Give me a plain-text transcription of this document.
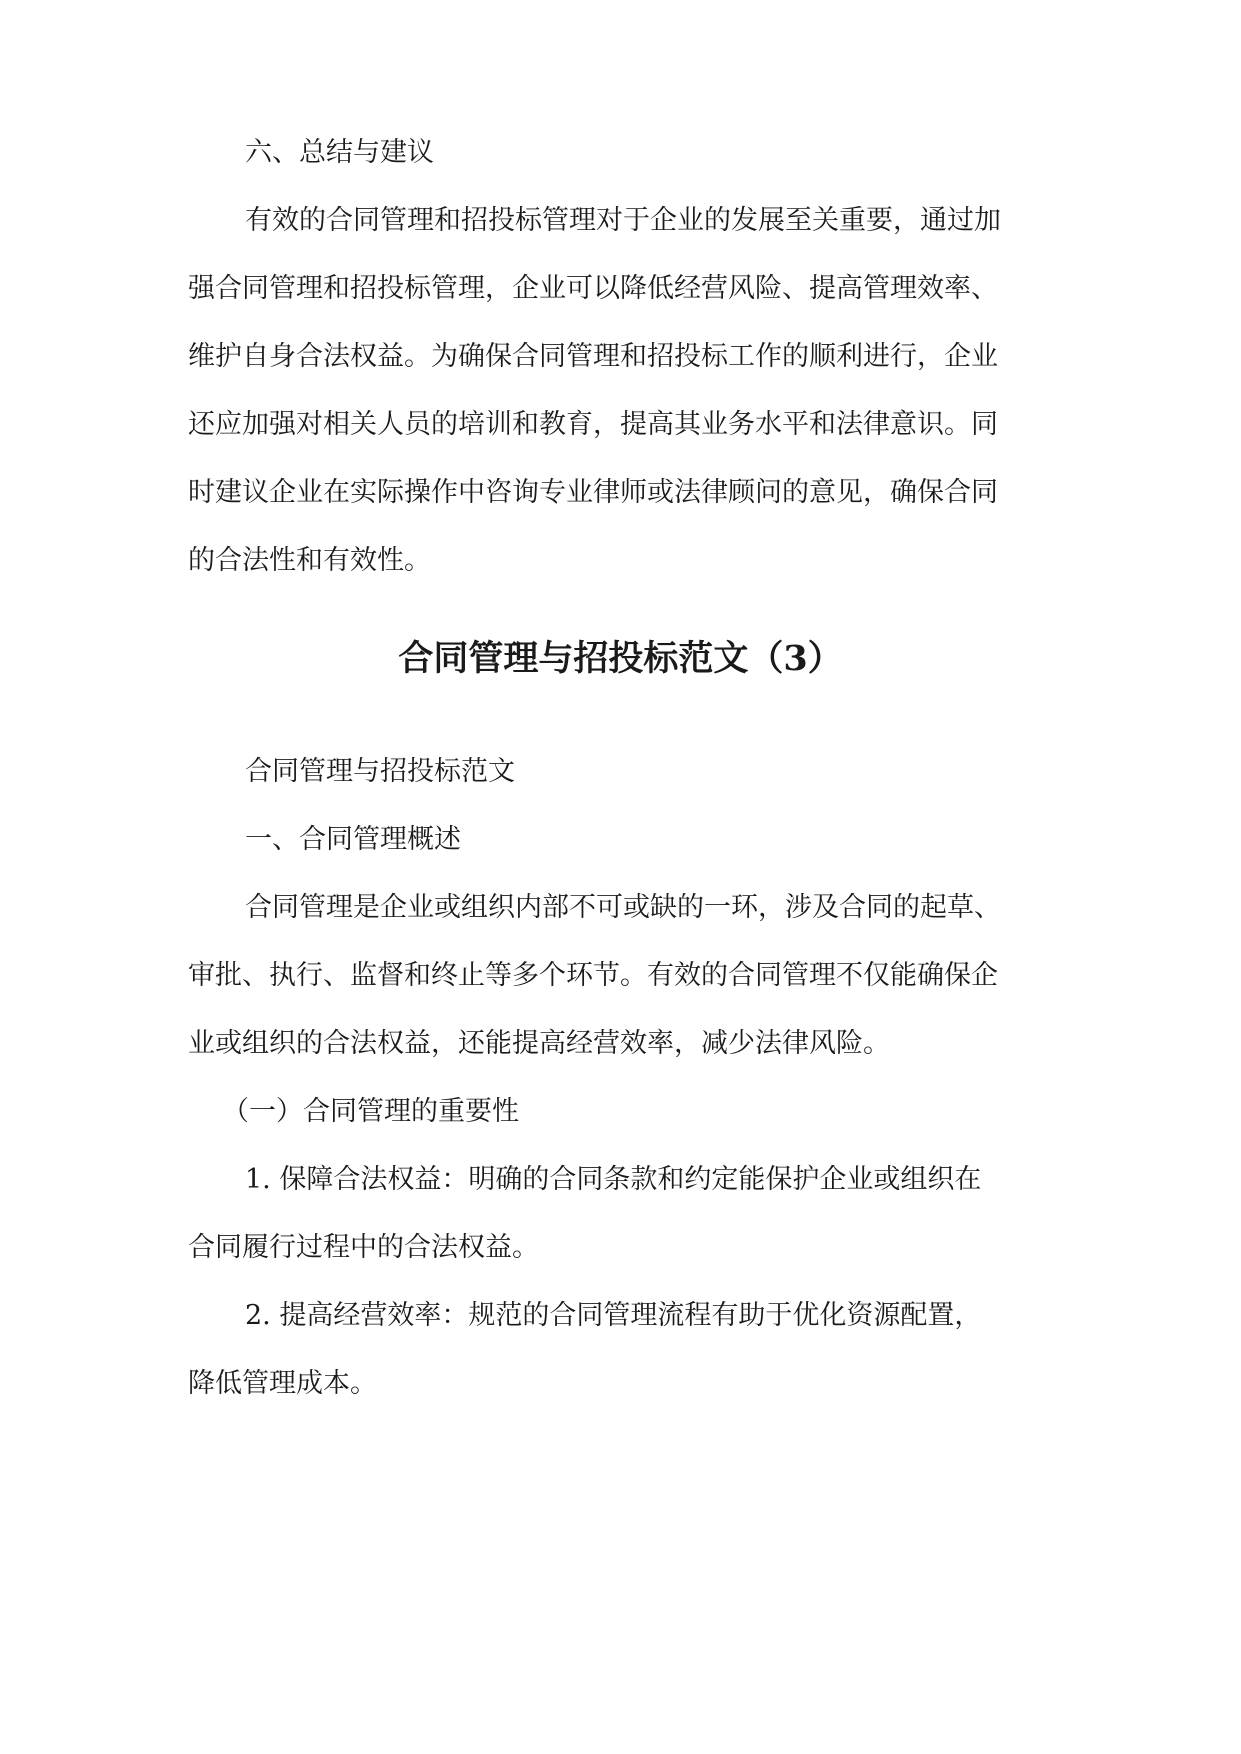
六、总结与建议
有效的合同管理和招投标管理对于企业的发展至关重要，通过加
强合同管理和招投标管理，企业可以降低经营风险、提高管理效率、
维护自身合法权益。为确保合同管理和招投标工作的顺利进行，企业
还应加强对相关人员的培训和教育，提高其业务水平和法律意识。同
时建议企业在实际操作中咨询专业律师或法律顾问的意见，确保合同
的合法性和有效性。
合同管理与招投标范文（3）
合同管理与招投标范文
一、合同管理概述
合同管理是企业或组织内部不可或缺的一环，涉及合同的起草、
审批、执行、监督和终止等多个环节。有效的合同管理不仅能确保企
业或组织的合法权益，还能提高经营效率，减少法律风险。
（一）合同管理的重要性
1. 保障合法权益：明确的合同条款和约定能保护企业或组织在
合同履行过程中的合法权益。
2. 提高经营效率：规范的合同管理流程有助于优化资源配置，
降低管理成本。
